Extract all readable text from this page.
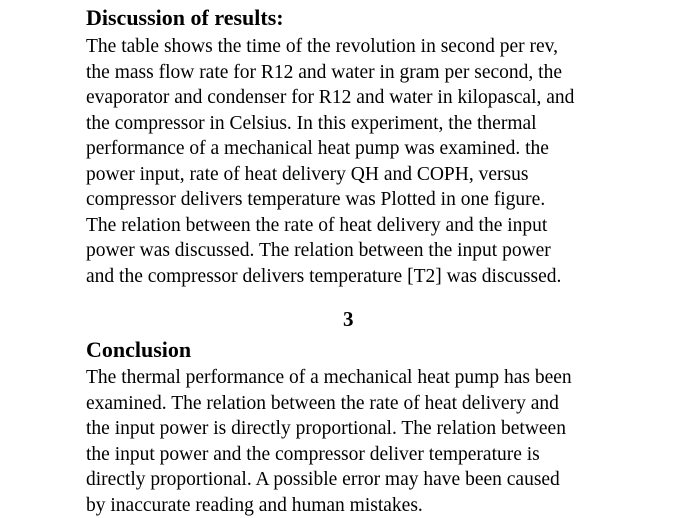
Discussion of results:

The table shows the time of the revolution in second per rev,
the mass flow rate for R12 and water in gram per second, the
evaporator and condenser for R12 and water in kilopascal, and
the compressor in Celsius. In this experiment, the thermal
performance of a mechanical heat pump was examined. the
power input, rate of heat delivery QH and COPH, versus
compressor delivers temperature was Plotted in one figure.
The relation between the rate of heat delivery and the input
power was discussed. The relation between the input power
and the compressor delivers temperature [T2] was discussed.

3
Conclusion

The thermal performance of a mechanical heat pump has been
examined. The relation between the rate of heat delivery and
the input power is directly proportional. The relation between
the input power and the compressor deliver temperature is
directly proportional. A possible error may have been caused
by inaccurate reading and human mistakes.
